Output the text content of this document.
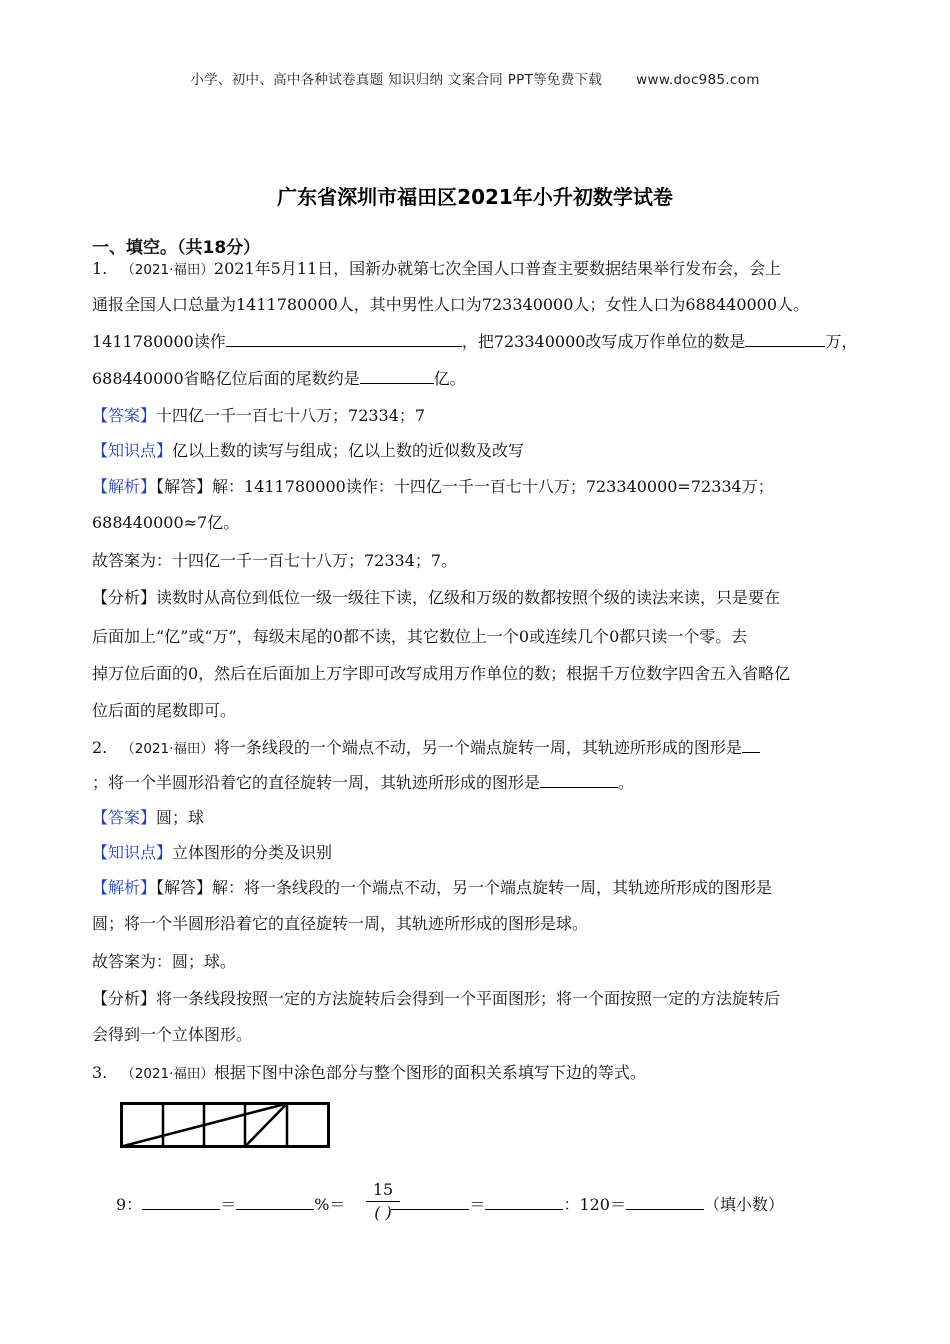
小学、初中、高中各种试卷真题 知识归纳 文案合同 PPT等免费下载	www.doc985.com
广东省深圳市福田区2021年小升初数学试卷
一、填空。（共18分）
1. （2021·福田）2021年5月11日，国新办就第七次全国人口普查主要数据结果举行发布会，会上
通报全国人口总量为1411780000人，其中男性人口为723340000人；女性人口为688440000人。
1411780000读作	，把723340000改写成万作单位的数是	万，
688440000省略亿位后面的尾数约是	亿。
【答案】十四亿一千一百七十八万；72334；7
【知识点】亿以上数的读写与组成；亿以上数的近似数及改写
【解析】【解答】解：1411780000读作：十四亿一千一百七十八万；723340000=72334万；
688440000≈7亿。
故答案为：十四亿一千一百七十八万；72334；7。
【分析】读数时从高位到低位一级一级往下读，亿级和万级的数都按照个级的读法来读，只是要在
后面加上“亿”或“万”，每级末尾的0都不读，其它数位上一个0或连续几个0都只读一个零。去
掉万位后面的0，然后在后面加上万字即可改写成用万作单位的数；根据千万位数字四舍五入省略亿
位后面的尾数即可。
2. （2021·福田）将一条线段的一个端点不动，另一个端点旋转一周，其轨迹所形成的图形是
；将一个半圆形沿着它的直径旋转一周，其轨迹所形成的图形是	。
【答案】圆；球
【知识点】立体图形的分类及识别
【解析】【解答】解：将一条线段的一个端点不动，另一个端点旋转一周，其轨迹所形成的图形是
圆；将一个半圆形沿着它的直径旋转一周，其轨迹所形成的图形是球。
故答案为：圆；球。
【分析】将一条线段按照一定的方法旋转后会得到一个平面图形；将一个面按照一定的方法旋转后
会得到一个立体图形。
3. （2021·福田）根据下图中涂色部分与整个图形的面积关系填写下边的等式。
9：	＝	%＝	＝	：120＝	（填小数）
15
( )
